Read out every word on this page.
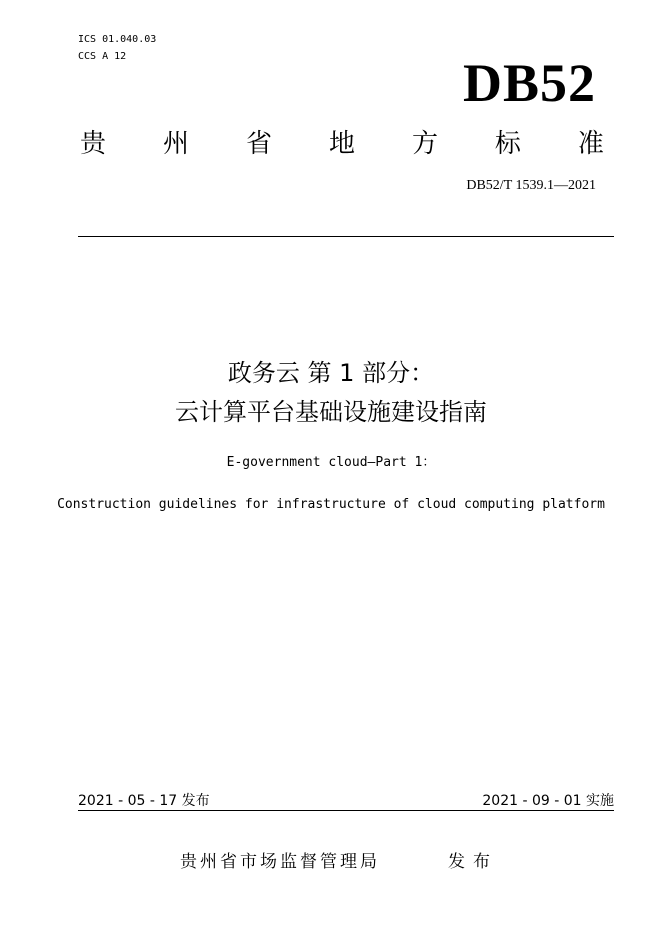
ICS 01.040.03
CCS A 12	DB52
贵 州 省 地 方 标 准
DB52/T 1539.1—2021
政务云 第 1 部分：
云计算平台基础设施建设指南
E-government cloud—Part 1：
Construction guidelines for infrastructure of cloud computing platform
2021 - 05 - 17 发布	2021 - 09 - 01 实施
贵州省市场监督管理局	发布
